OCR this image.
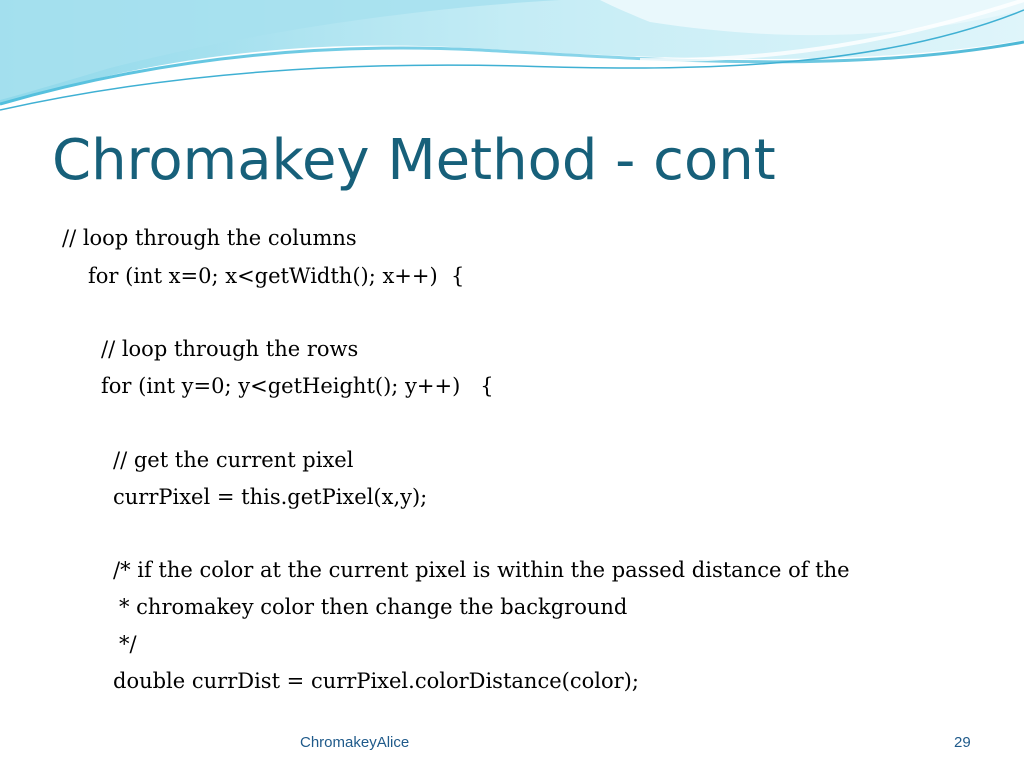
Chromakey Method - cont
// loop through the columns
for (int x=0; x<getWidth(); x++)  {
// loop through the rows
for (int y=0; y<getHeight(); y++)   {
// get the current pixel
currPixel = this.getPixel(x,y);
/* if the color at the current pixel is within the passed distance of the
* chromakey color then change the background
*/
double currDist = currPixel.colorDistance(color);
ChromakeyAlice	29
